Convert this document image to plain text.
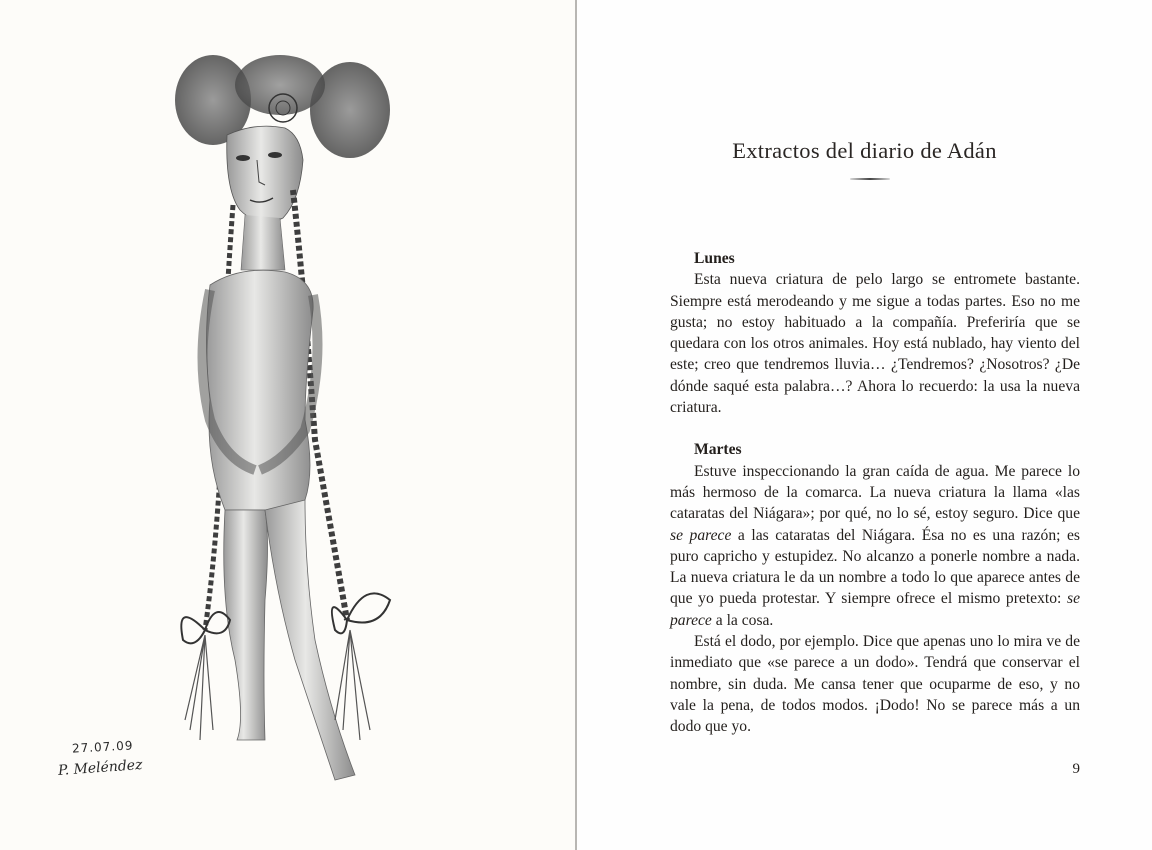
27.07.09
P. Meléndez
Extractos del diario de Adán

Lunes

Esta nueva criatura de pelo largo se entromete bastante. Siempre está merodeando y me sigue a todas partes. Eso no me gusta; no estoy habituado a la compañía. Preferiría que se quedara con los otros animales. Hoy está nublado, hay viento del este; creo que tendremos lluvia… ¿Tendremos? ¿Nosotros? ¿De dónde saqué esta palabra…? Ahora lo recuerdo: la usa la nueva criatura.

Martes

Estuve inspeccionando la gran caída de agua. Me parece lo más hermoso de la comarca. La nueva criatura la llama «las cataratas del Niágara»; por qué, no lo sé, estoy seguro. Dice que se parece a las cataratas del Niágara. Ésa no es una razón; es puro capricho y estupidez. No alcanzo a ponerle nombre a nada. La nueva criatura le da un nombre a todo lo que aparece antes de que yo pueda protestar. Y siempre ofrece el mismo pretexto: se parece a la cosa.

Está el dodo, por ejemplo. Dice que apenas uno lo mira ve de inmediato que «se parece a un dodo». Tendrá que conservar el nombre, sin duda. Me cansa tener que ocuparme de eso, y no vale la pena, de todos modos. ¡Dodo! No se parece más a un dodo que yo.

9
